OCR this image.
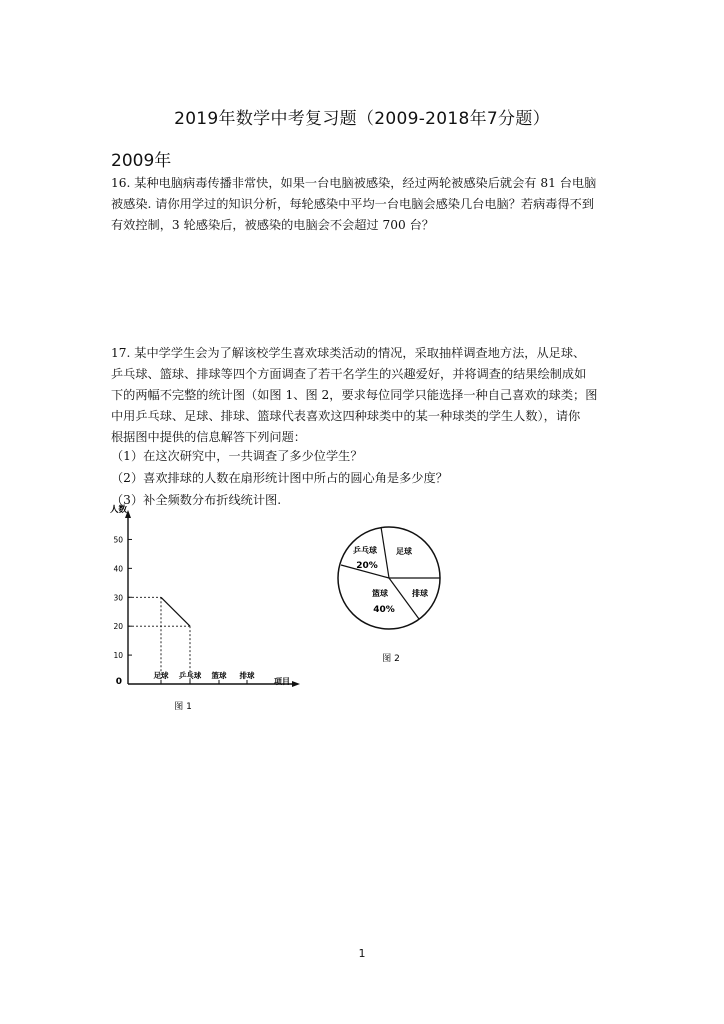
2019年数学中考复习题（2009-2018年7分题）
2009年
16. 某种电脑病毒传播非常快，如果一台电脑被感染，经过两轮被感染后就会有 81 台电脑
被感染. 请你用学过的知识分析，每轮感染中平均一台电脑会感染几台电脑？若病毒得不到
有效控制，3 轮感染后，被感染的电脑会不会超过 700 台？
17. 某中学学生会为了解该校学生喜欢球类活动的情况，采取抽样调查地方法，从足球、
乒乓球、篮球、排球等四个方面调查了若干名学生的兴趣爱好，并将调查的结果绘制成如
下的两幅不完整的统计图（如图 1、图 2，要求每位同学只能选择一种自己喜欢的球类；图
中用乒乓球、足球、排球、篮球代表喜欢这四种球类中的某一种球类的学生人数），请你
根据图中提供的信息解答下列问题：
（1）在这次研究中，一共调查了多少位学生？
（2）喜欢排球的人数在扇形统计图中所占的圆心角是多少度？
（3）补全频数分布折线统计图.
人数
项目
0
10
20
30
40
50
足球 乒乓球 篮球 排球
图 1
乒乓球
20%
足球
排球
篮球
40%
图 2
1
